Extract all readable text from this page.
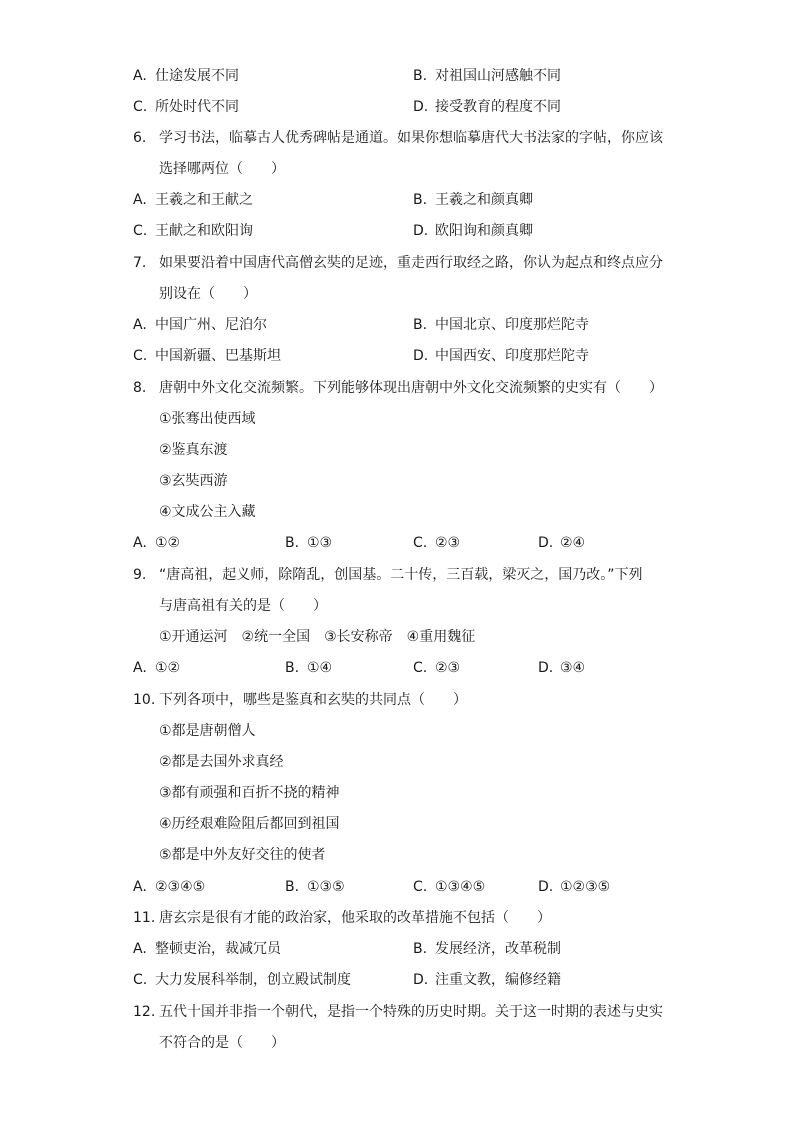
A. 仕途发展不同	B. 对祖国山河感触不同
C. 所处时代不同	D. 接受教育的程度不同
6. 学习书法，临摹古人优秀碑帖是通道。如果你想临摹唐代大书法家的字帖，你应该
选择哪两位（　　）
A. 王羲之和王献之	B. 王羲之和颜真卿
C. 王献之和欧阳询	D. 欧阳询和颜真卿
7. 如果要沿着中国唐代高僧玄奘的足迹，重走西行取经之路，你认为起点和终点应分
别设在（　　）
A. 中国广州、尼泊尔	B. 中国北京、印度那烂陀寺
C. 中国新疆、巴基斯坦	D. 中国西安、印度那烂陀寺
8. 唐朝中外文化交流频繁。下列能够体现出唐朝中外文化交流频繁的史实有（　　）
①张骞出使西域
②鉴真东渡
③玄奘西游
④文成公主入藏
A. ①②	B. ①③	C. ②③	D. ②④
9. “唐高祖，起义师，除隋乱，创国基。二十传，三百载，梁灭之，国乃改。”下列
与唐高祖有关的是（　　）
①开通运河　②统一全国　③长安称帝　④重用魏征
A. ①②	B. ①④	C. ②③	D. ③④
10. 下列各项中，哪些是鉴真和玄奘的共同点（　　）
①都是唐朝僧人
②都是去国外求真经
③都有顽强和百折不挠的精神
④历经艰难险阻后都回到祖国
⑤都是中外友好交往的使者
A. ②③④⑤	B. ①③⑤	C. ①③④⑤	D. ①②③⑤
11. 唐玄宗是很有才能的政治家，他采取的改革措施不包括（　　）
A. 整顿吏治，裁减冗员	B. 发展经济，改革税制
C. 大力发展科举制，创立殿试制度	D. 注重文教，编修经籍
12. 五代十国并非指一个朝代，是指一个特殊的历史时期。关于这一时期的表述与史实
不符合的是（　　）
